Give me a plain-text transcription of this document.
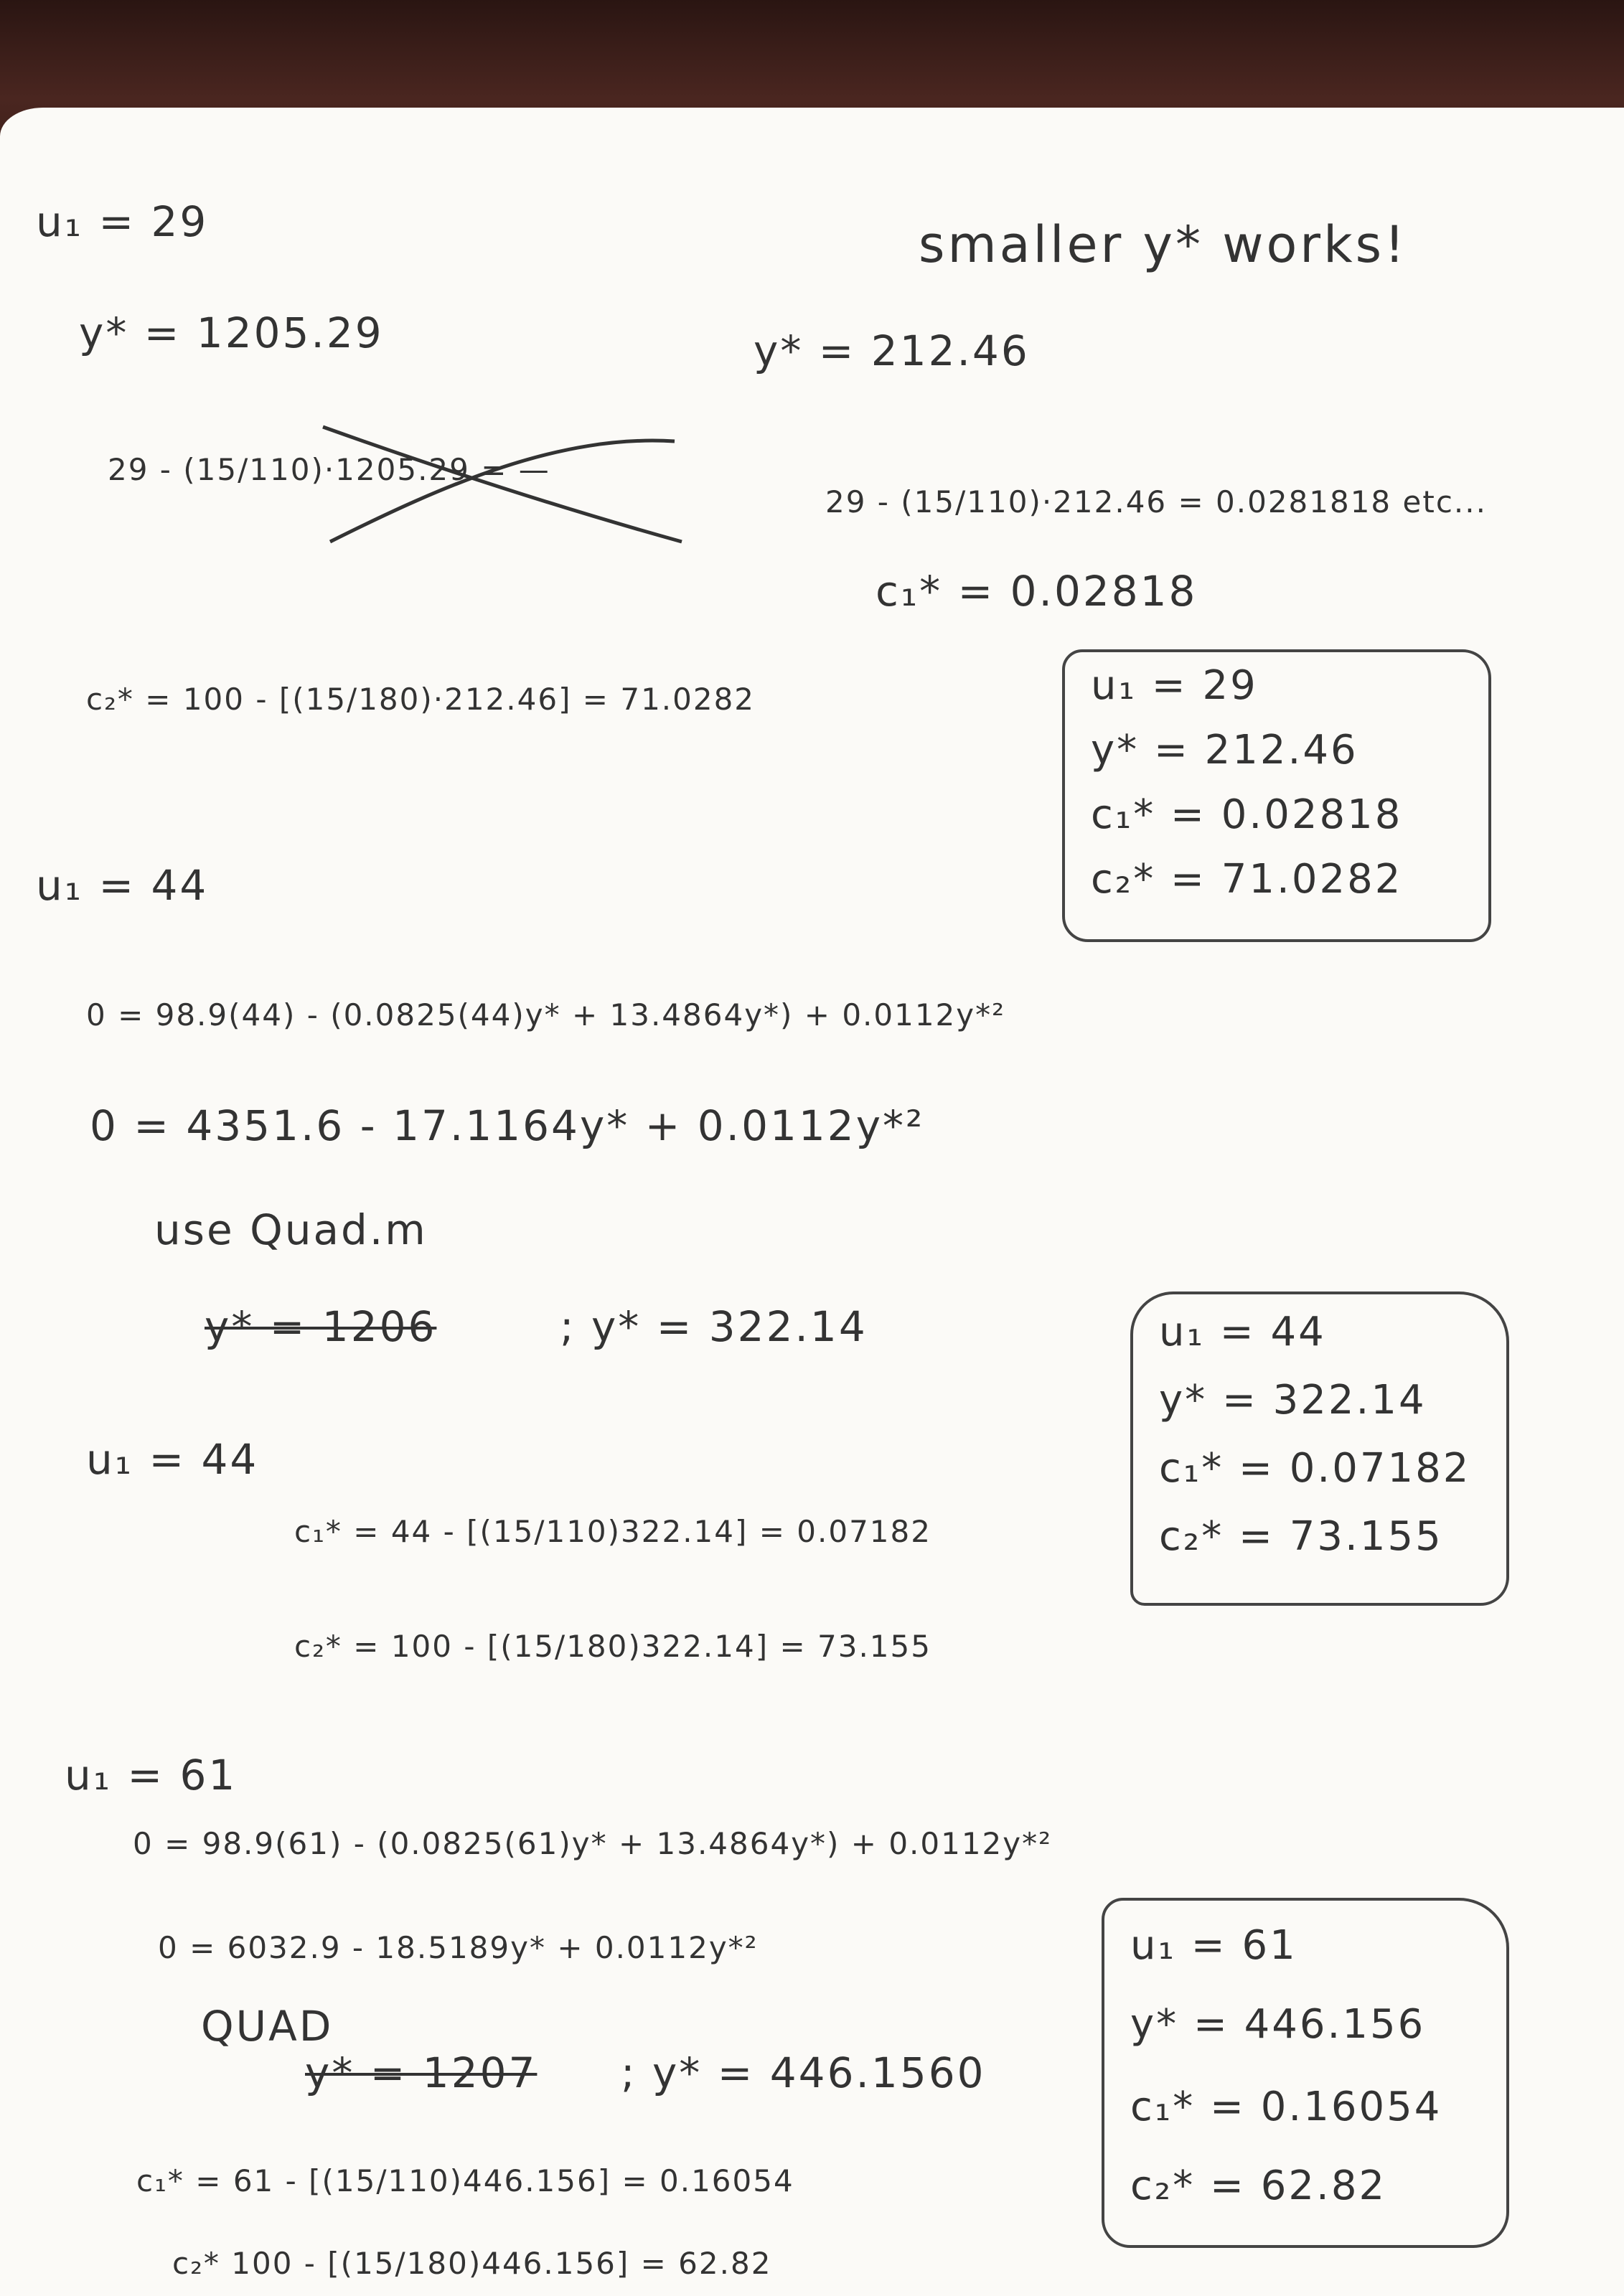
smaller y* works!
u₁ = 29
y* = 1205.29
29 - (15/110)·1205.29 = —
y* = 212.46
29 - (15/110)·212.46 = 0.0281818 etc...
c₁* = 0.02818
c₂* = 100 - [(15/180)·212.46] = 71.0282	u₁ = 29
y* = 212.46
c₁* = 0.02818
c₂* = 71.0282
u₁ = 44
0 = 98.9(44) - (0.0825(44)y* + 13.4864y*) + 0.0112y*²
0 = 4351.6 - 17.1164y* + 0.0112y*²
use Quad.m
y* = 1206	; y* = 322.14
u₁ = 44
c₁* = 44 - [(15/110)322.14] = 0.07182
c₂* = 100 - [(15/180)322.14] = 73.155
u₁ = 44
y* = 322.14
c₁* = 0.07182
c₂* = 73.155
u₁ = 61
0 = 98.9(61) - (0.0825(61)y* + 13.4864y*) + 0.0112y*²
0 = 6032.9 - 18.5189y* + 0.0112y*²
QUAD
y* = 1207 ; y* = 446.1560
c₁* = 61 - [(15/110)446.156] = 0.16054
c₂* 100 - [(15/180)446.156] = 62.82
u₁ = 61
y* = 446.156
c₁* = 0.16054
c₂* = 62.82
